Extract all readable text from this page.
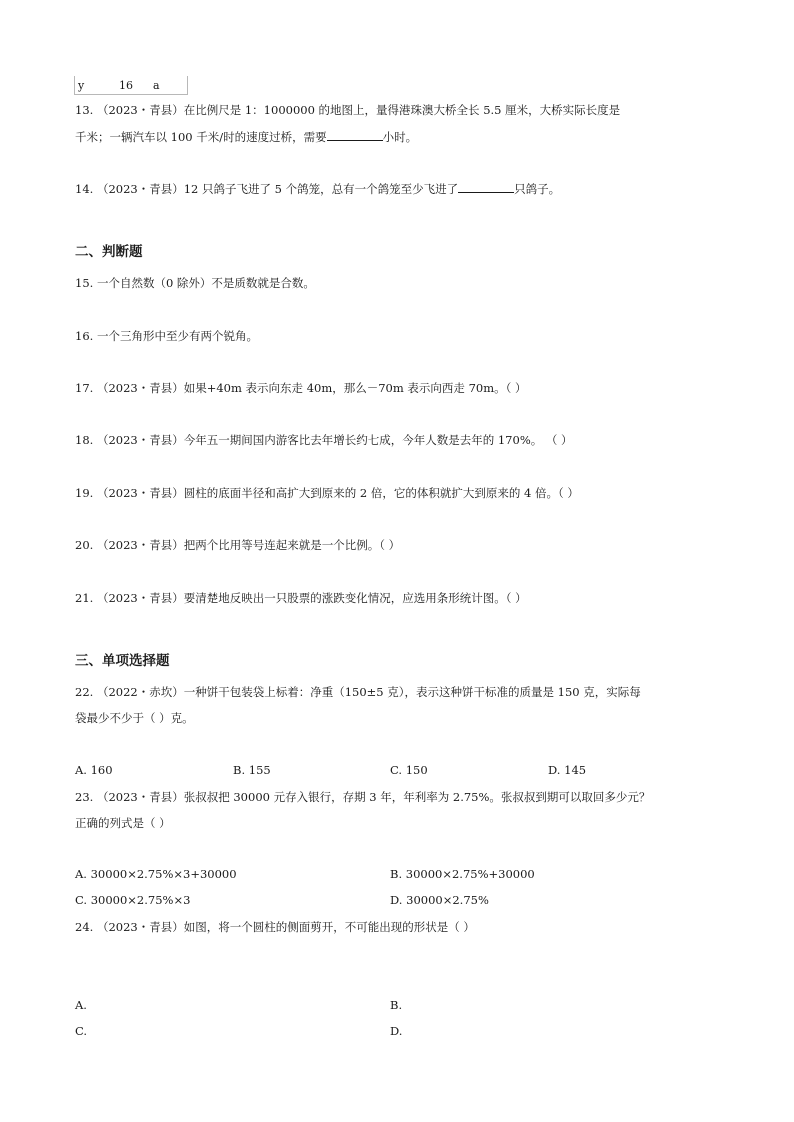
y	16 a
13. （2023・青县）在比例尺是 1：1000000 的地图上，量得港珠澳大桥全长 5.5 厘米，大桥实际长度是
千米；一辆汽车以 100 千米/时的速度过桥，需要	小时。
14. （2023・青县）12 只鸽子飞进了 5 个鸽笼，总有一个鸽笼至少飞进了	只鸽子。
二、判断题
15. 一个自然数（0 除外）不是质数就是合数。
16. 一个三角形中至少有两个锐角。
17. （2023・青县）如果+40m 表示向东走 40m，那么－70m 表示向西走 70m。（ ）
18. （2023・青县）今年五一期间国内游客比去年增长约七成，今年人数是去年的 170%。 （ ）
19. （2023・青县）圆柱的底面半径和高扩大到原来的 2 倍，它的体积就扩大到原来的 4 倍。（ ）
20. （2023・青县）把两个比用等号连起来就是一个比例。（ ）
21. （2023・青县）要清楚地反映出一只股票的涨跌变化情况，应选用条形统计图。（ ）
三、单项选择题
22. （2022・赤坎）一种饼干包装袋上标着：净重（150±5 克），表示这种饼干标准的质量是 150 克，实际每
袋最少不少于（ ）克。
A. 160	B. 155	C. 150	D. 145
23. （2023・青县）张叔叔把 30000 元存入银行，存期 3 年，年利率为 2.75%。张叔叔到期可以取回多少元？
正确的列式是（ ）
A. 30000×2.75%×3+30000	B. 30000×2.75%+30000
C. 30000×2.75%×3	D. 30000×2.75%
24. （2023・青县）如图，将一个圆柱的侧面剪开，不可能出现的形状是（ ）
A.	B.
C.	D.
